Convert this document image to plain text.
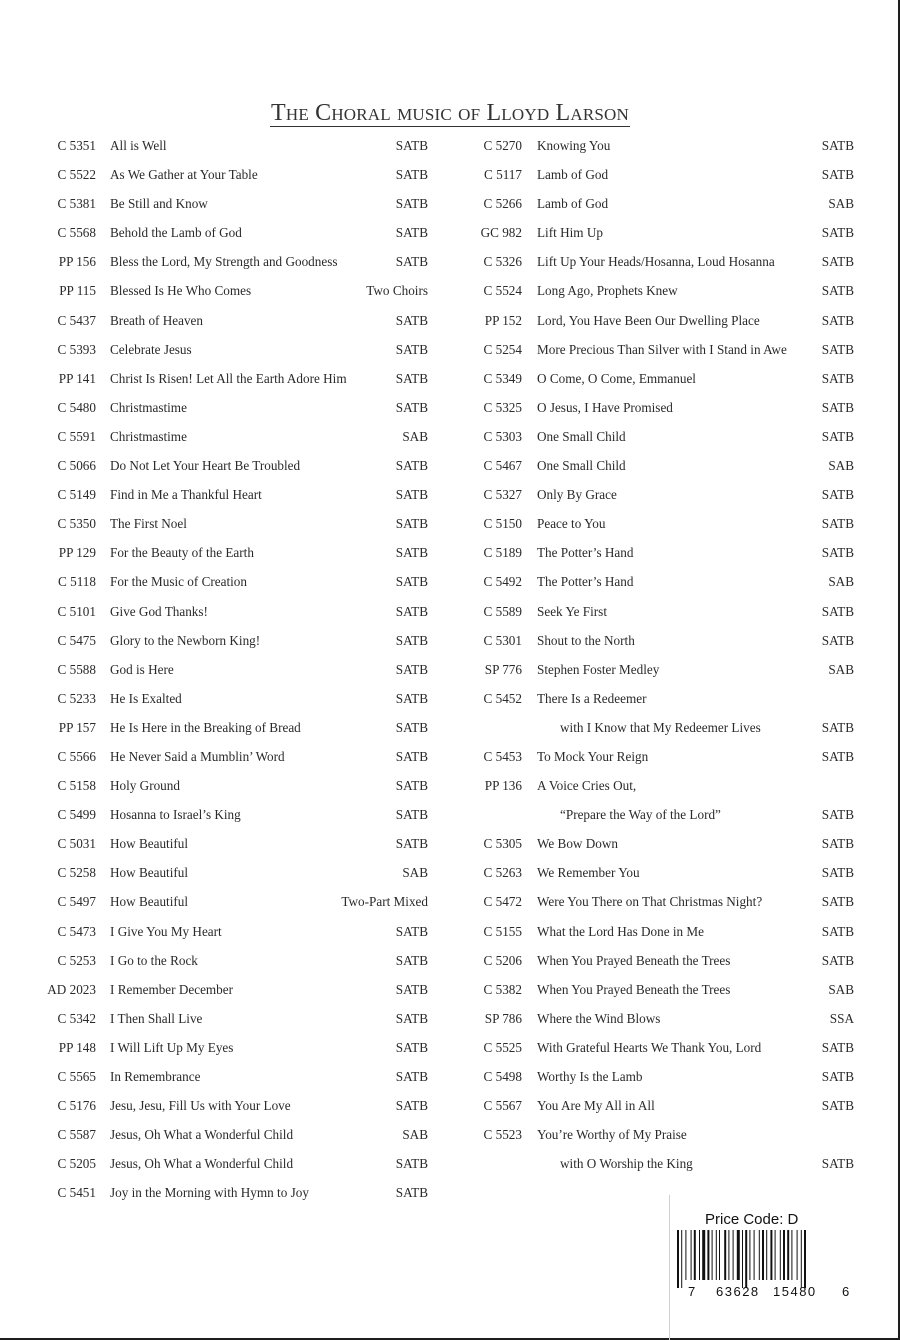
The Choral music of Lloyd Larson
C 5351 All is Well	SATB
C 5522 As We Gather at Your Table	SATB
C 5381 Be Still and Know	SATB
C 5568 Behold the Lamb of God	SATB
PP 156 Bless the Lord, My Strength and Goodness	SATB
PP 115 Blessed Is He Who Comes	Two Choirs
C 5437 Breath of Heaven	SATB
C 5393 Celebrate Jesus	SATB
PP 141 Christ Is Risen! Let All the Earth Adore Him	SATB
C 5480 Christmastime	SATB
C 5591 Christmastime	SAB
C 5066 Do Not Let Your Heart Be Troubled	SATB
C 5149 Find in Me a Thankful Heart	SATB
C 5350 The First Noel	SATB
PP 129 For the Beauty of the Earth	SATB
C 5118 For the Music of Creation	SATB
C 5101 Give God Thanks!	SATB
C 5475 Glory to the Newborn King!	SATB
C 5588 God is Here	SATB
C 5233 He Is Exalted	SATB
PP 157 He Is Here in the Breaking of Bread	SATB
C 5566 He Never Said a Mumblin’ Word	SATB
C 5158 Holy Ground	SATB
C 5499 Hosanna to Israel’s King	SATB
C 5031 How Beautiful	SATB
C 5258 How Beautiful	SAB
C 5497 How Beautiful	Two-Part Mixed
C 5473 I Give You My Heart	SATB
C 5253 I Go to the Rock	SATB
AD 2023 I Remember December	SATB
C 5342 I Then Shall Live	SATB
PP 148 I Will Lift Up My Eyes	SATB
C 5565 In Remembrance	SATB
C 5176 Jesu, Jesu, Fill Us with Your Love	SATB
C 5587 Jesus, Oh What a Wonderful Child	SAB
C 5205 Jesus, Oh What a Wonderful Child	SATB
C 5451 Joy in the Morning with Hymn to Joy	SATB
C 5270 Knowing You	SATB
C 5117 Lamb of God	SATB
C 5266 Lamb of God	SAB
GC 982 Lift Him Up	SATB
C 5326 Lift Up Your Heads/Hosanna, Loud Hosanna	SATB
C 5524 Long Ago, Prophets Knew	SATB
PP 152 Lord, You Have Been Our Dwelling Place	SATB
C 5254 More Precious Than Silver with I Stand in Awe	SATB
C 5349 O Come, O Come, Emmanuel	SATB
C 5325 O Jesus, I Have Promised	SATB
C 5303 One Small Child	SATB
C 5467 One Small Child	SAB
C 5327 Only By Grace	SATB
C 5150 Peace to You	SATB
C 5189 The Potter’s Hand	SATB
C 5492 The Potter’s Hand	SAB
C 5589 Seek Ye First	SATB
C 5301 Shout to the North	SATB
SP 776 Stephen Foster Medley	SAB
C 5452 There Is a Redeemer
with I Know that My Redeemer Lives	SATB
C 5453 To Mock Your Reign	SATB
PP 136 A Voice Cries Out,
“Prepare the Way of the Lord”	SATB
C 5305 We Bow Down	SATB
C 5263 We Remember You	SATB
C 5472 Were You There on That Christmas Night?	SATB
C 5155 What the Lord Has Done in Me	SATB
C 5206 When You Prayed Beneath the Trees	SATB
C 5382 When You Prayed Beneath the Trees	SAB
SP 786 Where the Wind Blows	SSA
C 5525 With Grateful Hearts We Thank You, Lord	SATB
C 5498 Worthy Is the Lamb	SATB
C 5567 You Are My All in All	SATB
C 5523 You’re Worthy of My Praise
with O Worship the King	SATB
Price Code: D
7 63628 15480 6
